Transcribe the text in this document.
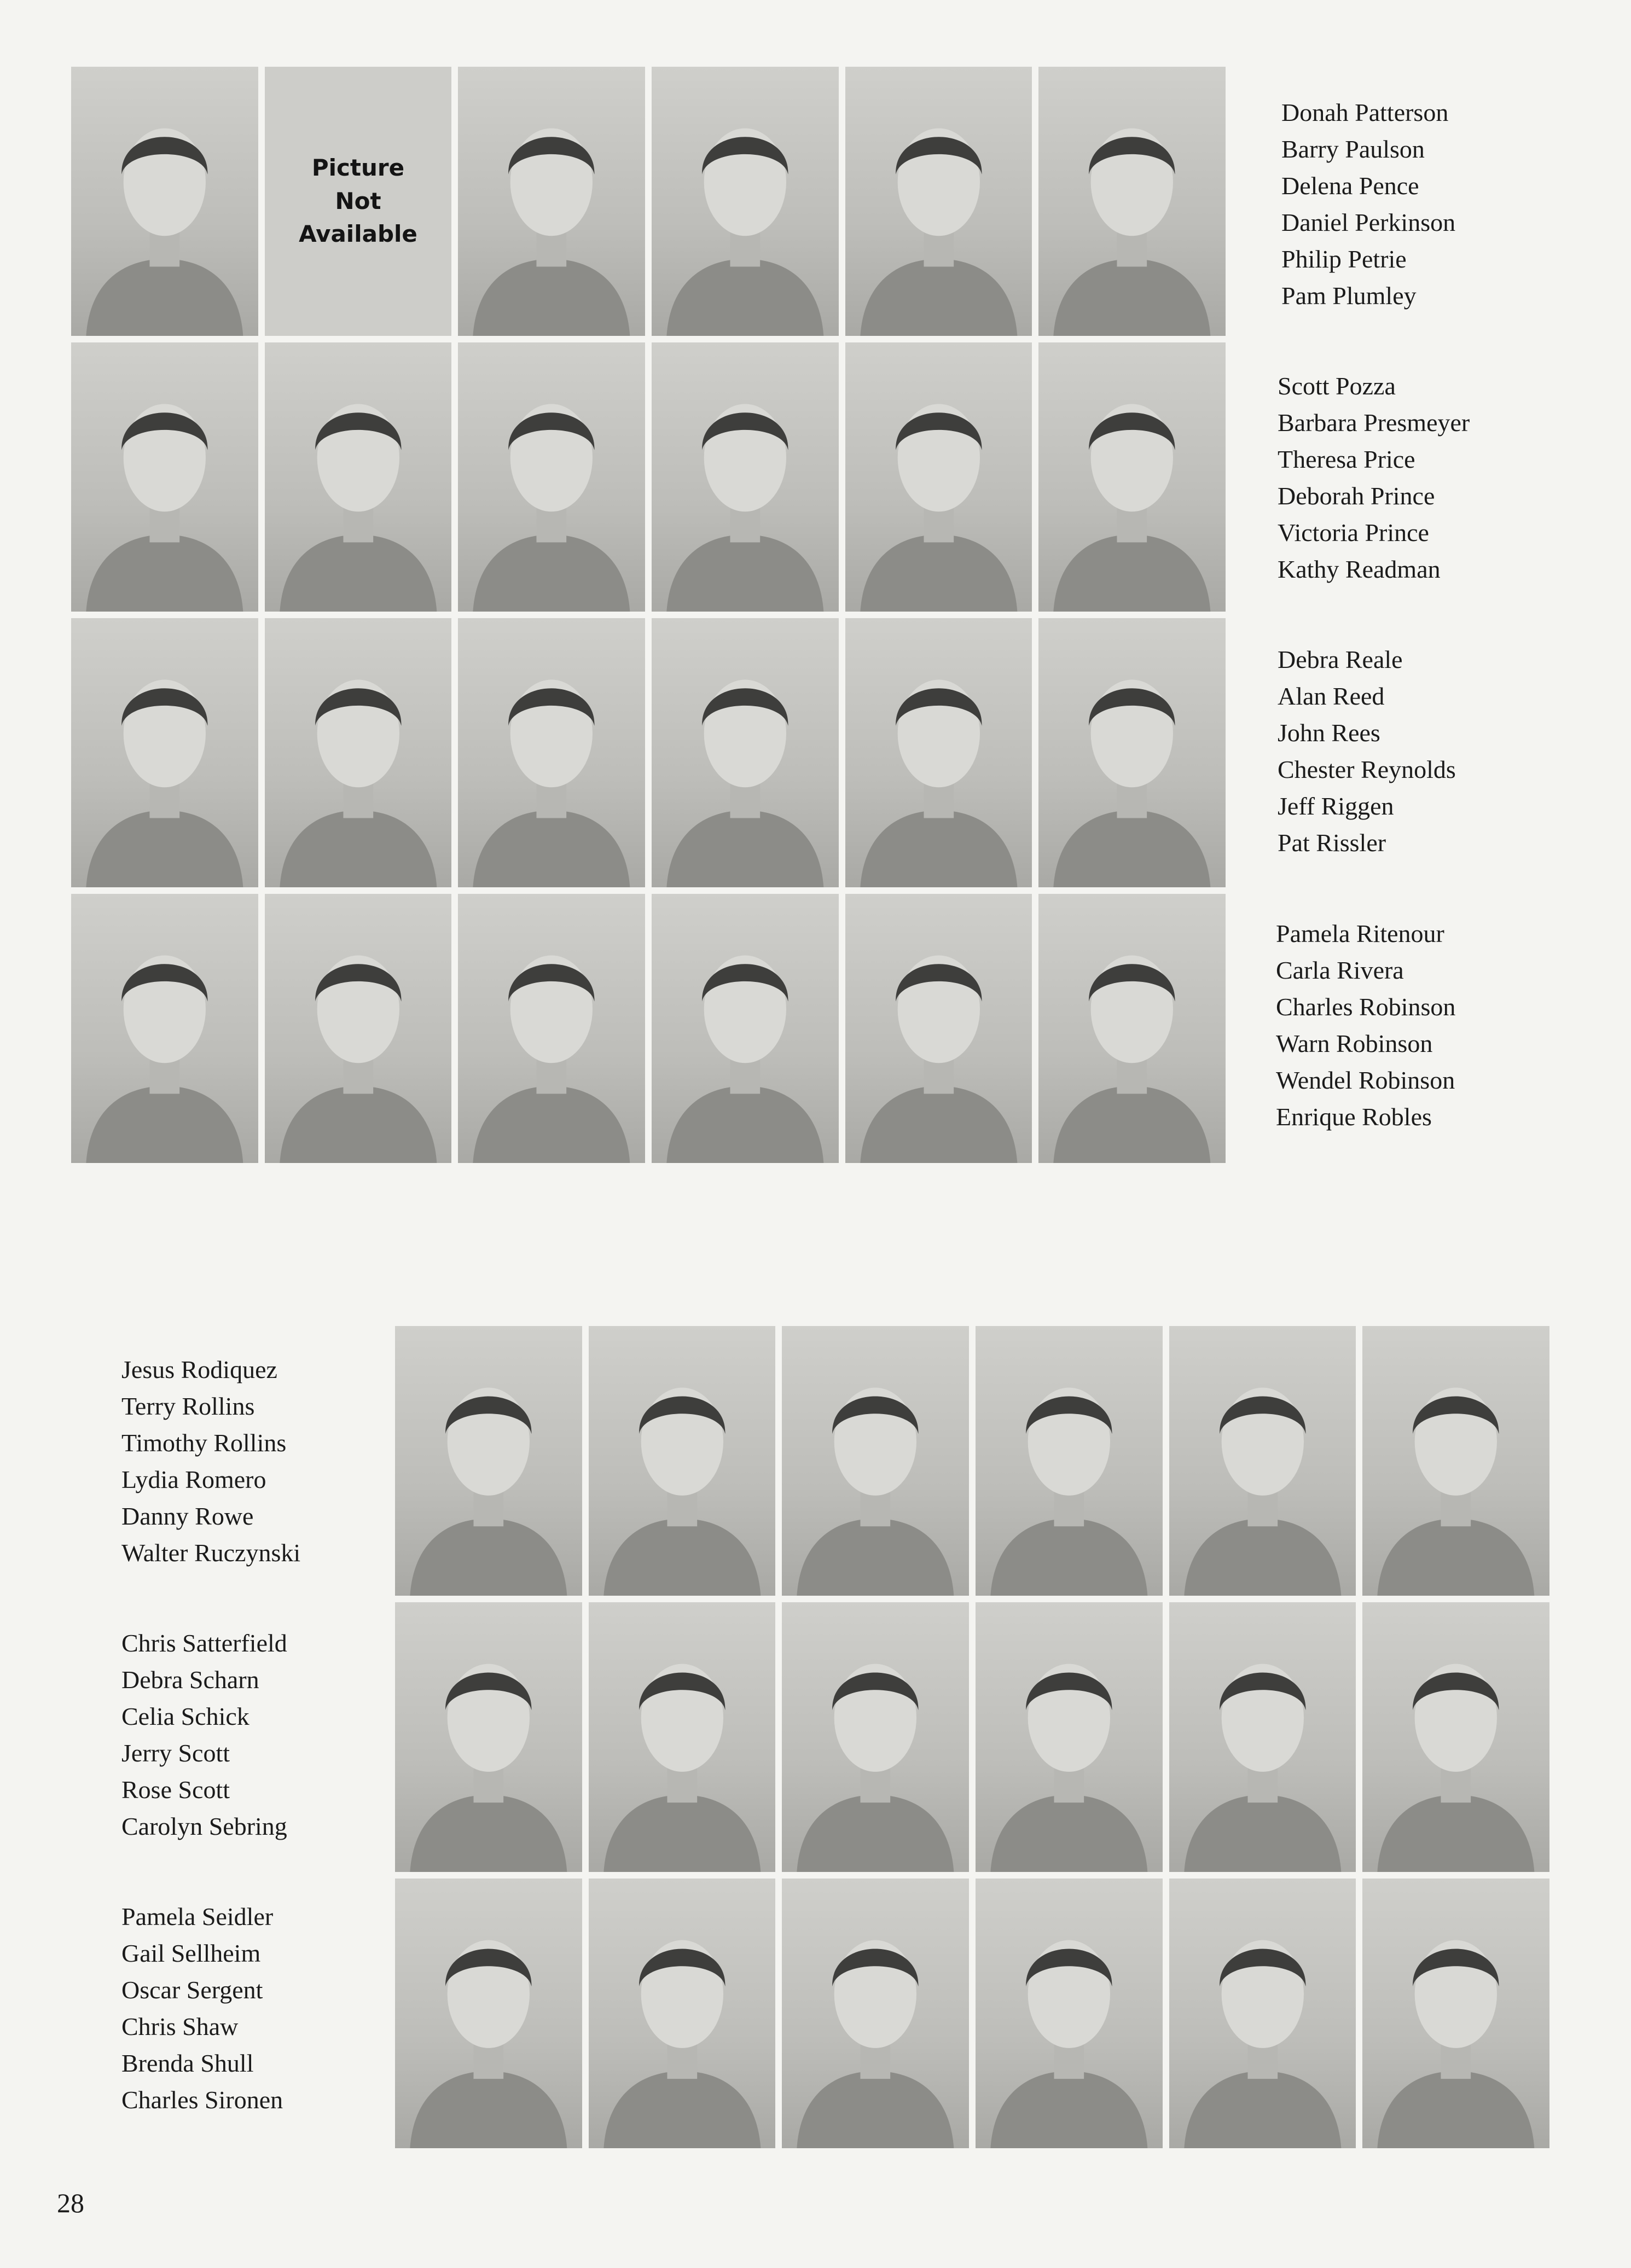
Picture
Not
Available
Donah Patterson
Barry Paulson
Delena Pence
Daniel Perkinson
Philip Petrie
Pam Plumley
Scott Pozza
Barbara Presmeyer
Theresa Price
Deborah Prince
Victoria Prince
Kathy Readman
Debra Reale
Alan Reed
John Rees
Chester Reynolds
Jeff Riggen
Pat Rissler
Pamela Ritenour
Carla Rivera
Charles Robinson
Warn Robinson
Wendel Robinson
Enrique Robles
Jesus Rodiquez
Terry Rollins
Timothy Rollins
Lydia Romero
Danny Rowe
Walter Ruczynski
Chris Satterfield
Debra Scharn
Celia Schick
Jerry Scott
Rose Scott
Carolyn Sebring
Pamela Seidler
Gail Sellheim
Oscar Sergent
Chris Shaw
Brenda Shull
Charles Sironen
28
